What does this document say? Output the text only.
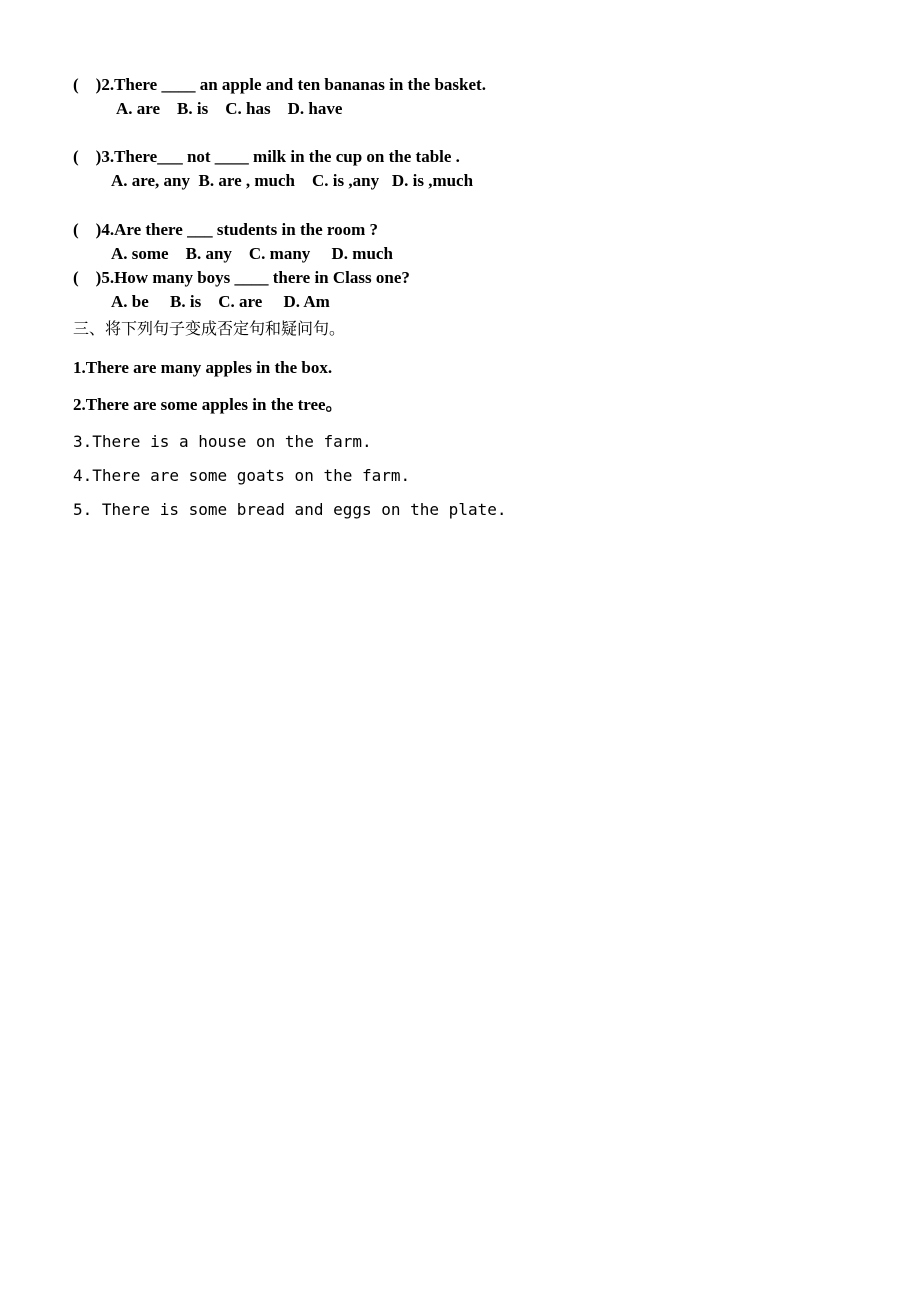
(    )2.There ____ an apple and ten bananas in the basket.
A. are    B. is    C. has    D. have
(    )3.There___ not ____ milk in the cup on the table .
A. are, any  B. are , much    C. is ,any   D. is ,much
(    )4.Are there ___ students in the room ?
A. some    B. any    C. many     D. much
(    )5.How many boys ____ there in Class one?
A. be     B. is    C. are     D. Am
三、将下列句子变成否定句和疑问句。
1.There are many apples in the box.
2.There are some apples in the tree。
3.There is a house on the farm.
4.There are some goats on the farm.
5. There is some bread and eggs on the plate.
